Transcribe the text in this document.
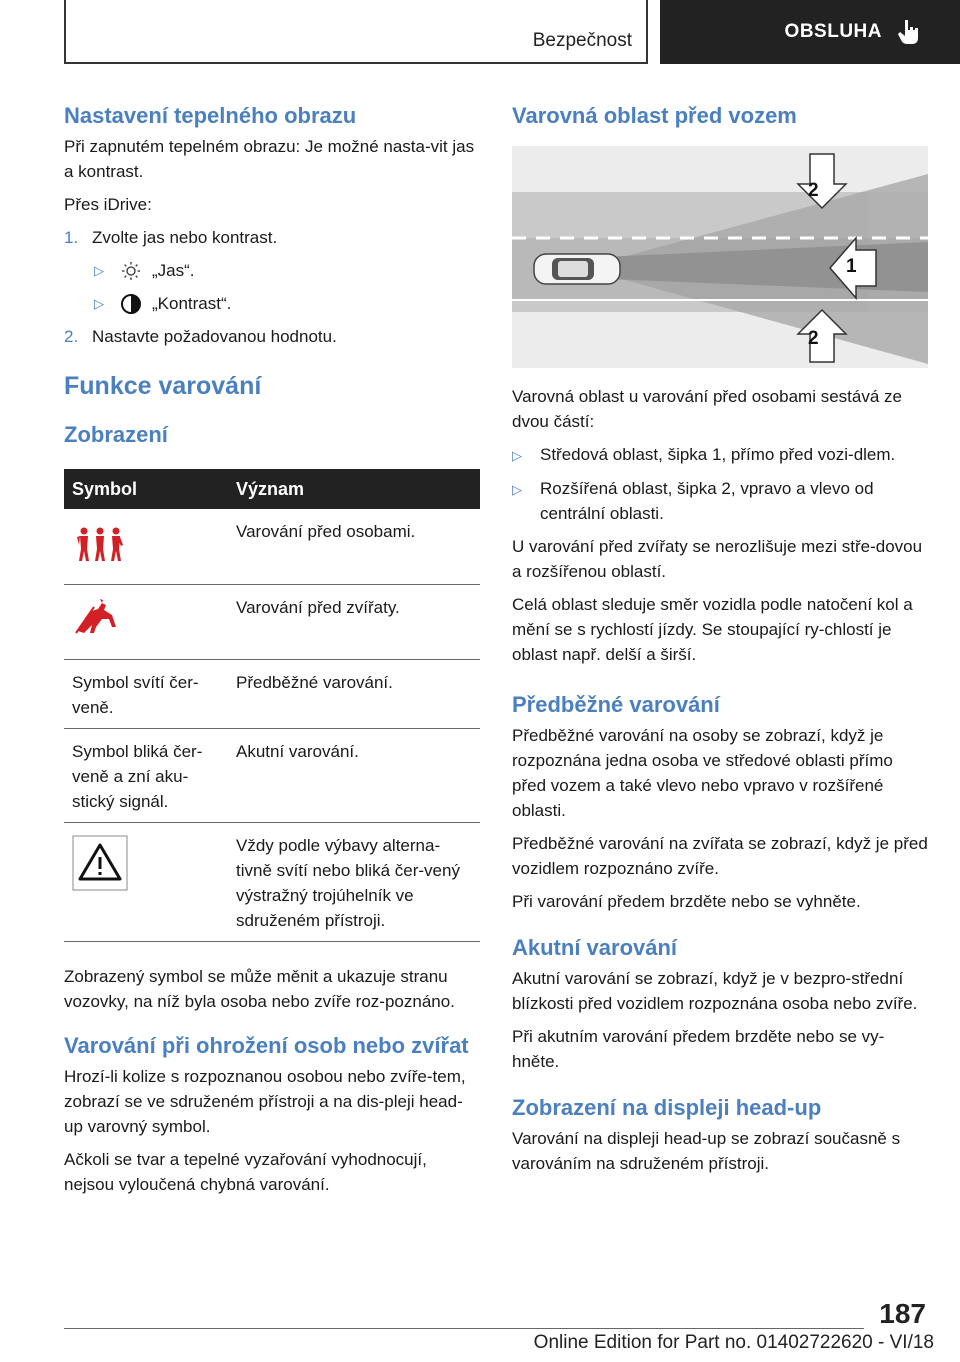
Bezpečnost	OBSLUHA
Nastavení tepelného obrazu

Při zapnutém tepelném obrazu: Je možné nasta-vit jas a kontrast.

Přes iDrive:

1. Zvolte jas nebo kontrast.
▷	„Jas“.
▷	„Kontrast“.
2. Nastavte požadovanou hodnotu.
Funkce varování
Zobrazení
Symbol	Význam
	Varování před osobami.
	Varování před zvířaty.
Symbol svítí čer-veně.	Předběžné varování.
Symbol bliká čer-veně a zní aku-stický signál.	Akutní varování.
	Vždy podle výbavy alterna-tivně svítí nebo bliká čer-vený výstražný trojúhelník ve sdruženém přístroji.

Zobrazený symbol se může měnit a ukazuje stranu vozovky, na níž byla osoba nebo zvíře roz-poznáno.

Varování při ohrožení osob nebo zvířat

Hrozí-li kolize s rozpoznanou osobou nebo zvíře-tem, zobrazí se ve sdruženém přístroji a na dis-pleji head-up varovný symbol.

Ačkoli se tvar a tepelné vyzařování vyhodnocují, nejsou vyloučená chybná varování.

Varovná oblast před vozem
2
1
2

Varovná oblast u varování před osobami sestává ze dvou částí:

▷	Středová oblast, šipka 1, přímo před vozi-dlem.
▷	Rozšířená oblast, šipka 2, vpravo a vlevo od centrální oblasti.

U varování před zvířaty se nerozlišuje mezi stře-dovou a rozšířenou oblastí.

Celá oblast sleduje směr vozidla podle natočení kol a mění se s rychlostí jízdy. Se stoupající ry-chlostí je oblast např. delší a širší.

Předběžné varování

Předběžné varování na osoby se zobrazí, když je rozpoznána jedna osoba ve středové oblasti přímo před vozem a také vlevo nebo vpravo v rozšířené oblasti.

Předběžné varování na zvířata se zobrazí, když je před vozidlem rozpoznáno zvíře.

Při varování předem brzděte nebo se vyhněte.

Akutní varování

Akutní varování se zobrazí, když je v bezpro-střední blízkosti před vozidlem rozpoznána osoba nebo zvíře.

Při akutním varování předem brzděte nebo se vy-hněte.

Zobrazení na displeji head-up

Varování na displeji head-up se zobrazí současně s varováním na sdruženém přístroji.

187
Online Edition for Part no. 01402722620 - VI/18
